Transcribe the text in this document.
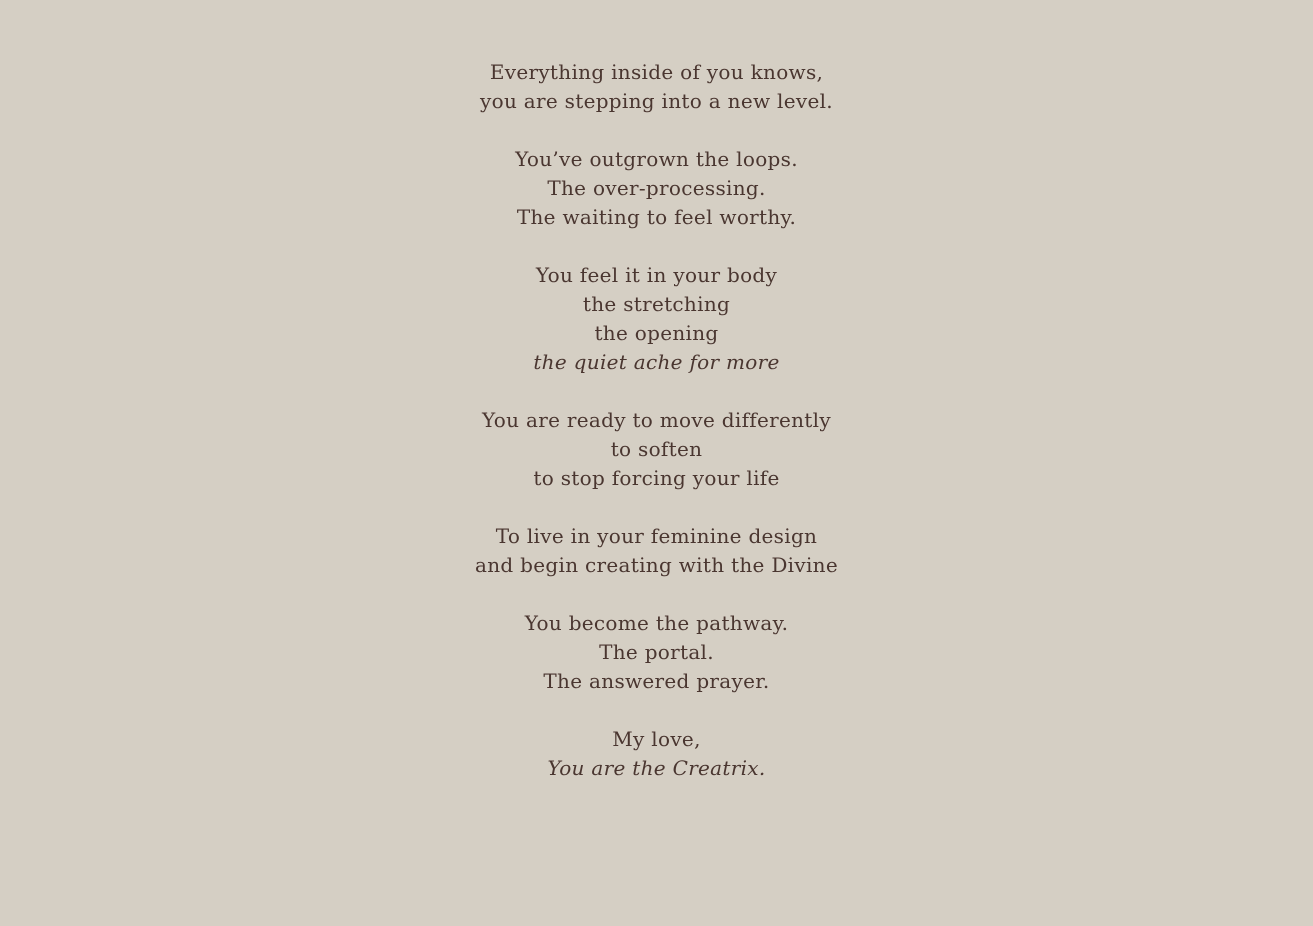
Everything inside of you knows,
you are stepping into a new level.
You’ve outgrown the loops.
The over-processing.
The waiting to feel worthy.
You feel it in your body
the stretching
the opening
the quiet ache for more
You are ready to move differently
to soften
to stop forcing your life
To live in your feminine design
and begin creating with the Divine
You become the pathway.
The portal.
The answered prayer.
My love,
You are the Creatrix.
